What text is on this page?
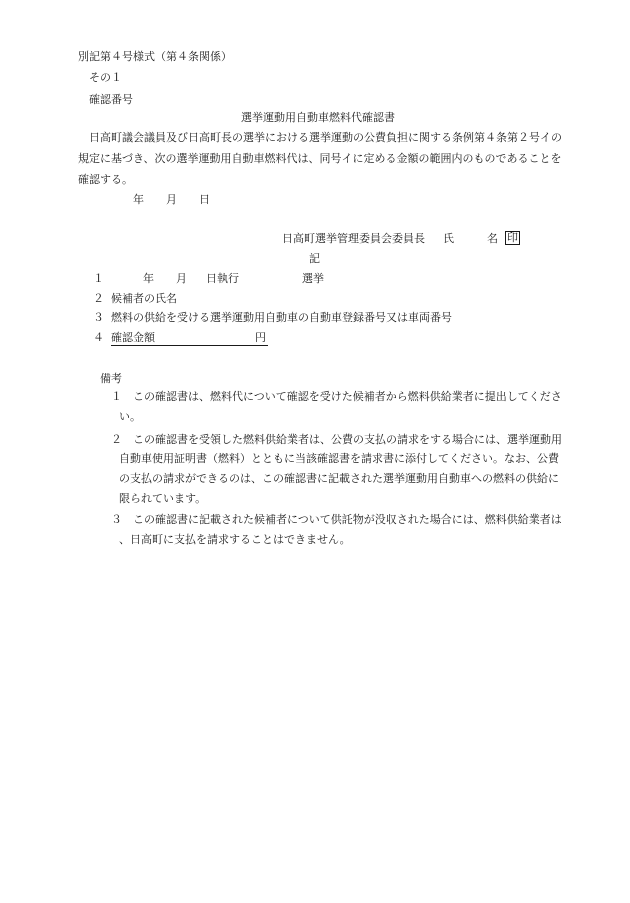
別記第４号様式（第４条関係）
その１
確認番号
選挙運動用自動車燃料代確認書
日高町議会議員及び日高町長の選挙における選挙運動の公費負担に関する条例第４条第２号イの
規定に基づき、次の選挙運動用自動車燃料代は、同号イに定める金額の範囲内のものであることを
確認する。
年 月 日
日高町選挙管理委員会委員長 氏	名 印
記
１	年 月 日執行	選挙
２ 候補者の氏名
３ 燃料の供給を受ける選挙運動用自動車の自動車登録番号又は車両番号
４ 確認金額	円
備考
１ この確認書は、燃料代について確認を受けた候補者から燃料供給業者に提出してくださ
い。
２ この確認書を受領した燃料供給業者は、公費の支払の請求をする場合には、選挙運動用
自動車使用証明書（燃料）とともに当該確認書を請求書に添付してください。なお、公費
の支払の請求ができるのは、この確認書に記載された選挙運動用自動車への燃料の供給に
限られています。
３ この確認書に記載された候補者について供託物が没収された場合には、燃料供給業者は
、日高町に支払を請求することはできません。
